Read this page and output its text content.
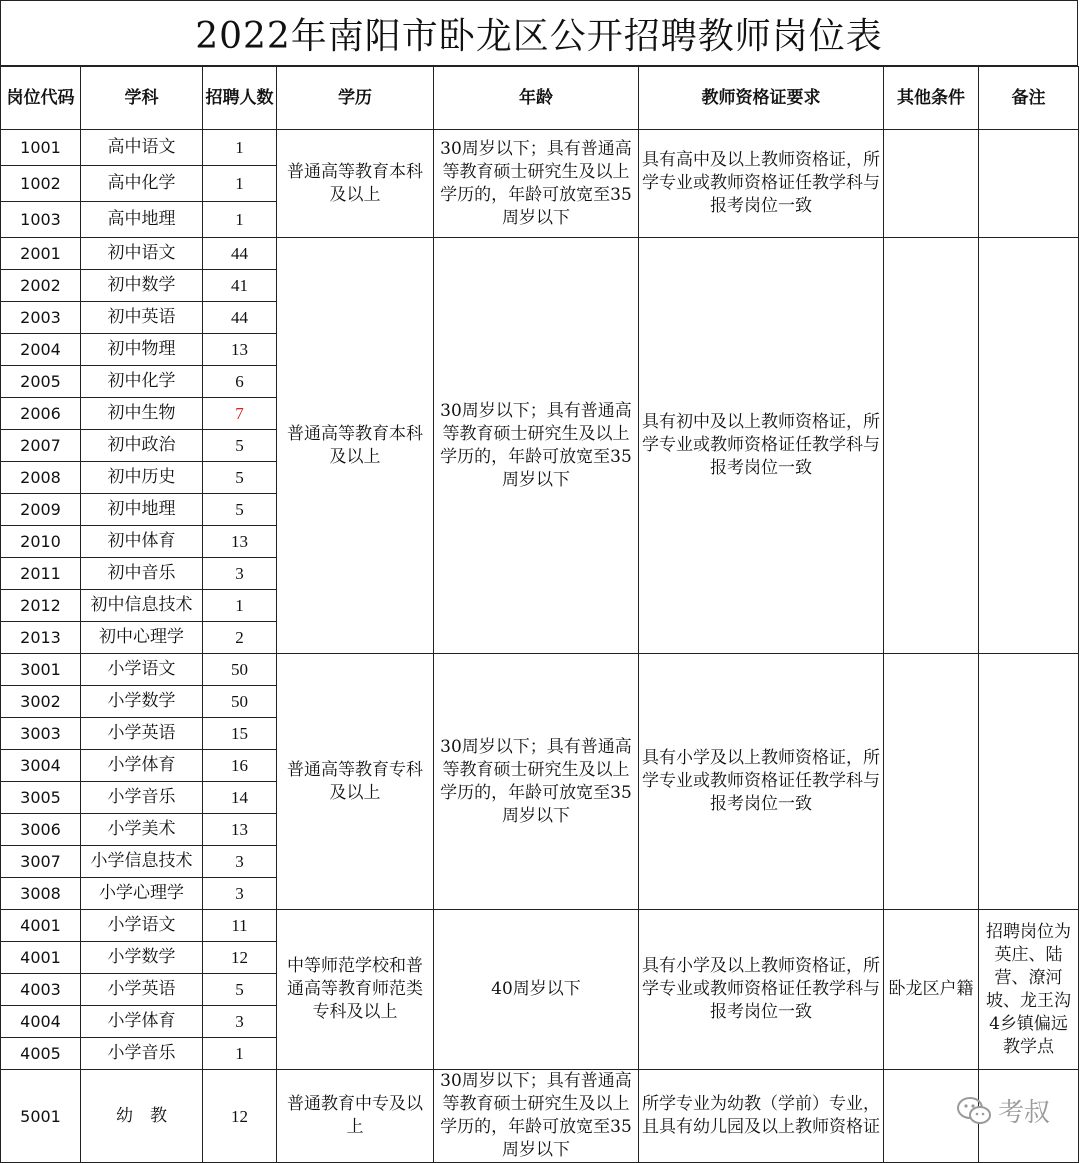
2022年南阳市卧龙区公开招聘教师岗位表
岗位代码	学科	招聘人数	学历	年龄	教师资格证要求	其他条件	备注
1001	高中语文	1	普通高等教育本科及以上	30周岁以下；具有普通高等教育硕士研究生及以上学历的，年龄可放宽至35周岁以下	具有高中及以上教师资格证，所学专业或教师资格证任教学科与报考岗位一致		
1002	高中化学	1					
1003	高中地理	1					
2001	初中语文	44	普通高等教育本科及以上	30周岁以下；具有普通高等教育硕士研究生及以上学历的，年龄可放宽至35周岁以下	具有初中及以上教师资格证，所学专业或教师资格证任教学科与报考岗位一致		
2002	初中数学	41					
2003	初中英语	44					
2004	初中物理	13					
2005	初中化学	6					
2006	初中生物	7					
2007	初中政治	5					
2008	初中历史	5					
2009	初中地理	5					
2010	初中体育	13					
2011	初中音乐	3					
2012	初中信息技术	1					
2013	初中心理学	2					
3001	小学语文	50	普通高等教育专科及以上	30周岁以下；具有普通高等教育硕士研究生及以上学历的，年龄可放宽至35周岁以下	具有小学及以上教师资格证，所学专业或教师资格证任教学科与报考岗位一致		
3002	小学数学	50					
3003	小学英语	15					
3004	小学体育	16					
3005	小学音乐	14					
3006	小学美术	13					
3007	小学信息技术	3					
3008	小学心理学	3					
4001	小学语文	11	中等师范学校和普通高等教育师范类专科及以上	40周岁以下	具有小学及以上教师资格证，所学专业或教师资格证任教学科与报考岗位一致	卧龙区户籍	招聘岗位为英庄、陆营、潦河坡、龙王沟4乡镇偏远教学点
4001	小学数学	12					
4003	小学英语	5					
4004	小学体育	3					
4005	小学音乐	1					
5001	幼　教	12	普通教育中专及以上	30周岁以下；具有普通高等教育硕士研究生及以上学历的，年龄可放宽至35周岁以下	所学专业为幼教（学前）专业，且具有幼儿园及以上教师资格证			考叔
